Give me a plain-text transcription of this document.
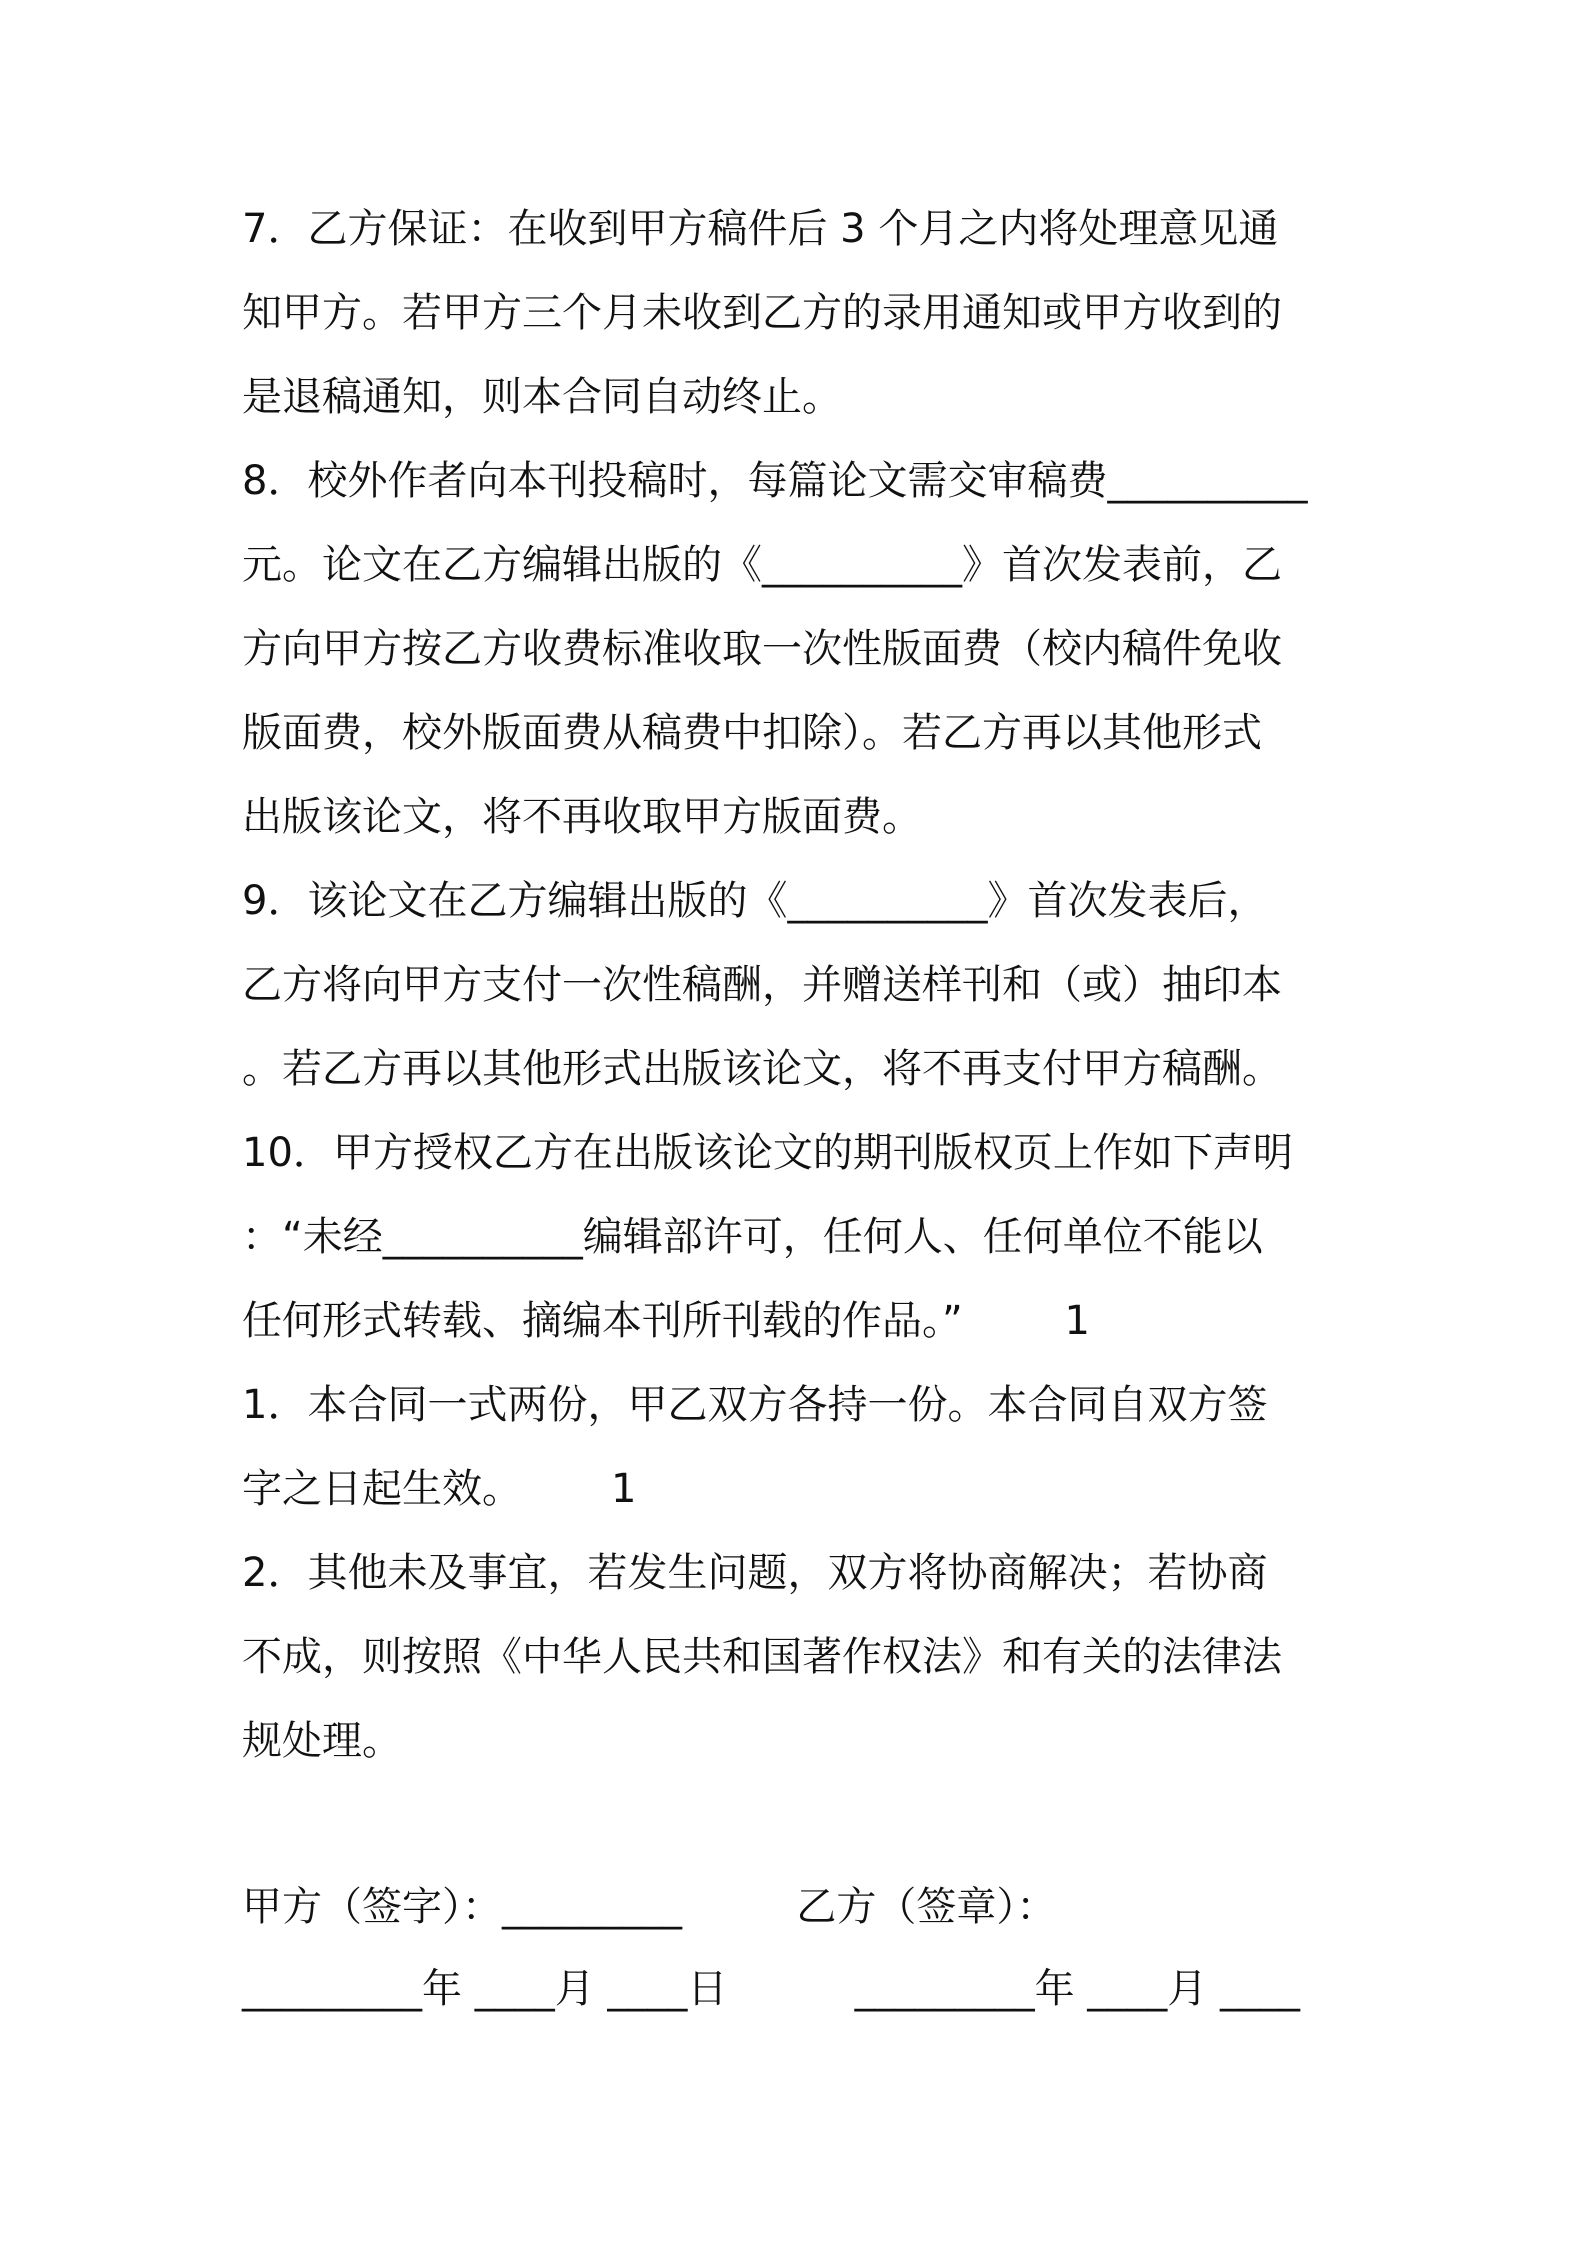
7．乙方保证：在收到甲方稿件后 3 个月之内将处理意见通
知甲方。若甲方三个月未收到乙方的录用通知或甲方收到的
是退稿通知，则本合同自动终止。
8．校外作者向本刊投稿时，每篇论文需交审稿费__________
元。论文在乙方编辑出版的《__________》首次发表前，乙
方向甲方按乙方收费标准收取一次性版面费（校内稿件免收
版面费，校外版面费从稿费中扣除）。若乙方再以其他形式
出版该论文，将不再收取甲方版面费。
9．该论文在乙方编辑出版的《__________》首次发表后，
乙方将向甲方支付一次性稿酬，并赠送样刊和（或）抽印本
。若乙方再以其他形式出版该论文，将不再支付甲方稿酬。
10．甲方授权乙方在出版该论文的期刊版权页上作如下声明
：“未经__________编辑部许可，任何人、任何单位不能以
任何形式转载、摘编本刊所刊载的作品。”        1
1．本合同一式两份，甲乙双方各持一份。本合同自双方签
字之日起生效。       1
2．其他未及事宜，若发生问题，双方将协商解决；若协商
不成，则按照《中华人民共和国著作权法》和有关的法律法
规处理。
甲方（签字）：_________         乙方（签章）：
_________年 ____月 ____日          _________年 ____月 ____
